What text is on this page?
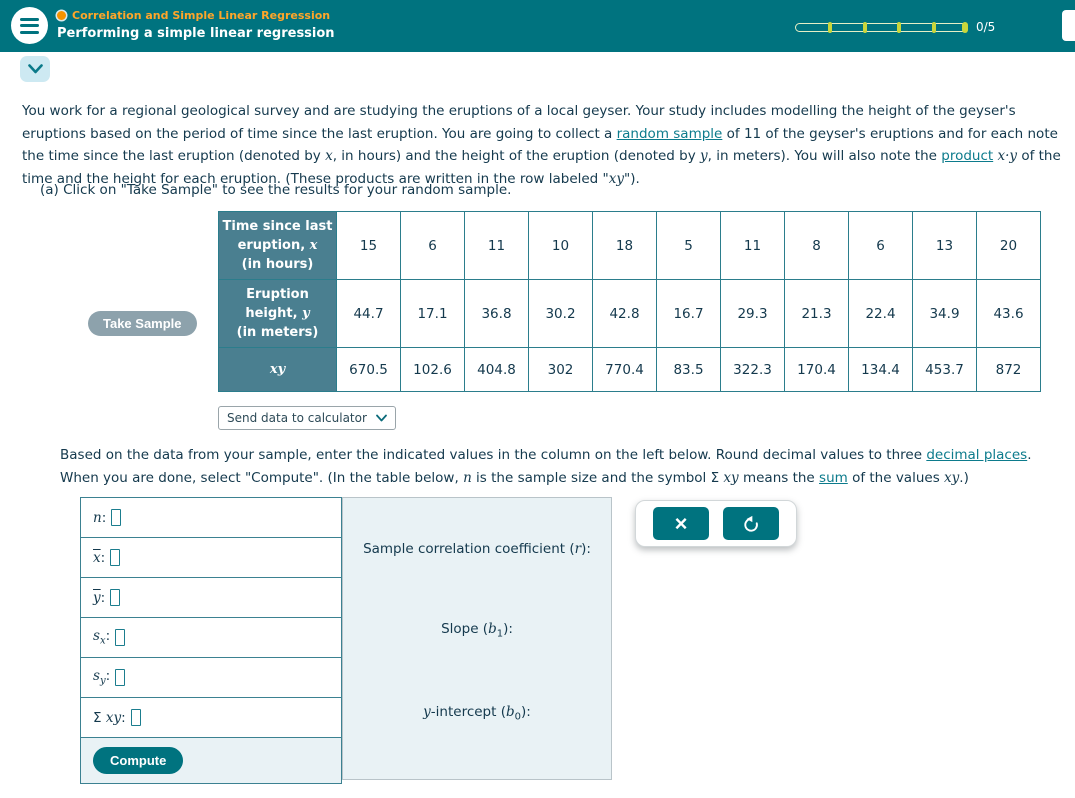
Correlation and Simple Linear Regression
Performing a simple linear regression	0/5

You work for a regional geological survey and are studying the eruptions of a local geyser. Your study includes modelling the height of the geyser's eruptions based on the period of time since the last eruption. You are going to collect a random sample of 11 of the geyser's eruptions and for each note the time since the last eruption (denoted by x, in hours) and the height of the eruption (denoted by y, in meters). You will also note the product x·y of the time and the height for each eruption. (These products are written in the row labeled "xy").

(a) Click on "Take Sample" to see the results for your random sample.

Take Sample
Time since last
eruption, x
(in hours)	15	6	11	10	18	5	11	8	6	13	20

Eruption
height, y
(in meters)	44.7	17.1	36.8	30.2	42.8	16.7	29.3	21.3	22.4	34.9	43.6
xy	670.5	102.6	404.8	302	770.4	83.5	322.3	170.4	134.4	453.7	872
Send data to calculator

Based on the data from your sample, enter the indicated values in the column on the left below. Round decimal values to three decimal places. When you are done, select "Compute". (In the table below, n is the sample size and the symbol Σ xy means the sum of the values xy.)

n:
$\overline{x}$:
$\overline{y}$:
$s_x$:
$s_y$:
Σ xy:
Compute
Sample correlation coefficient (r):
Slope $(b_1)$:
y-intercept $(b_0)$:
×
